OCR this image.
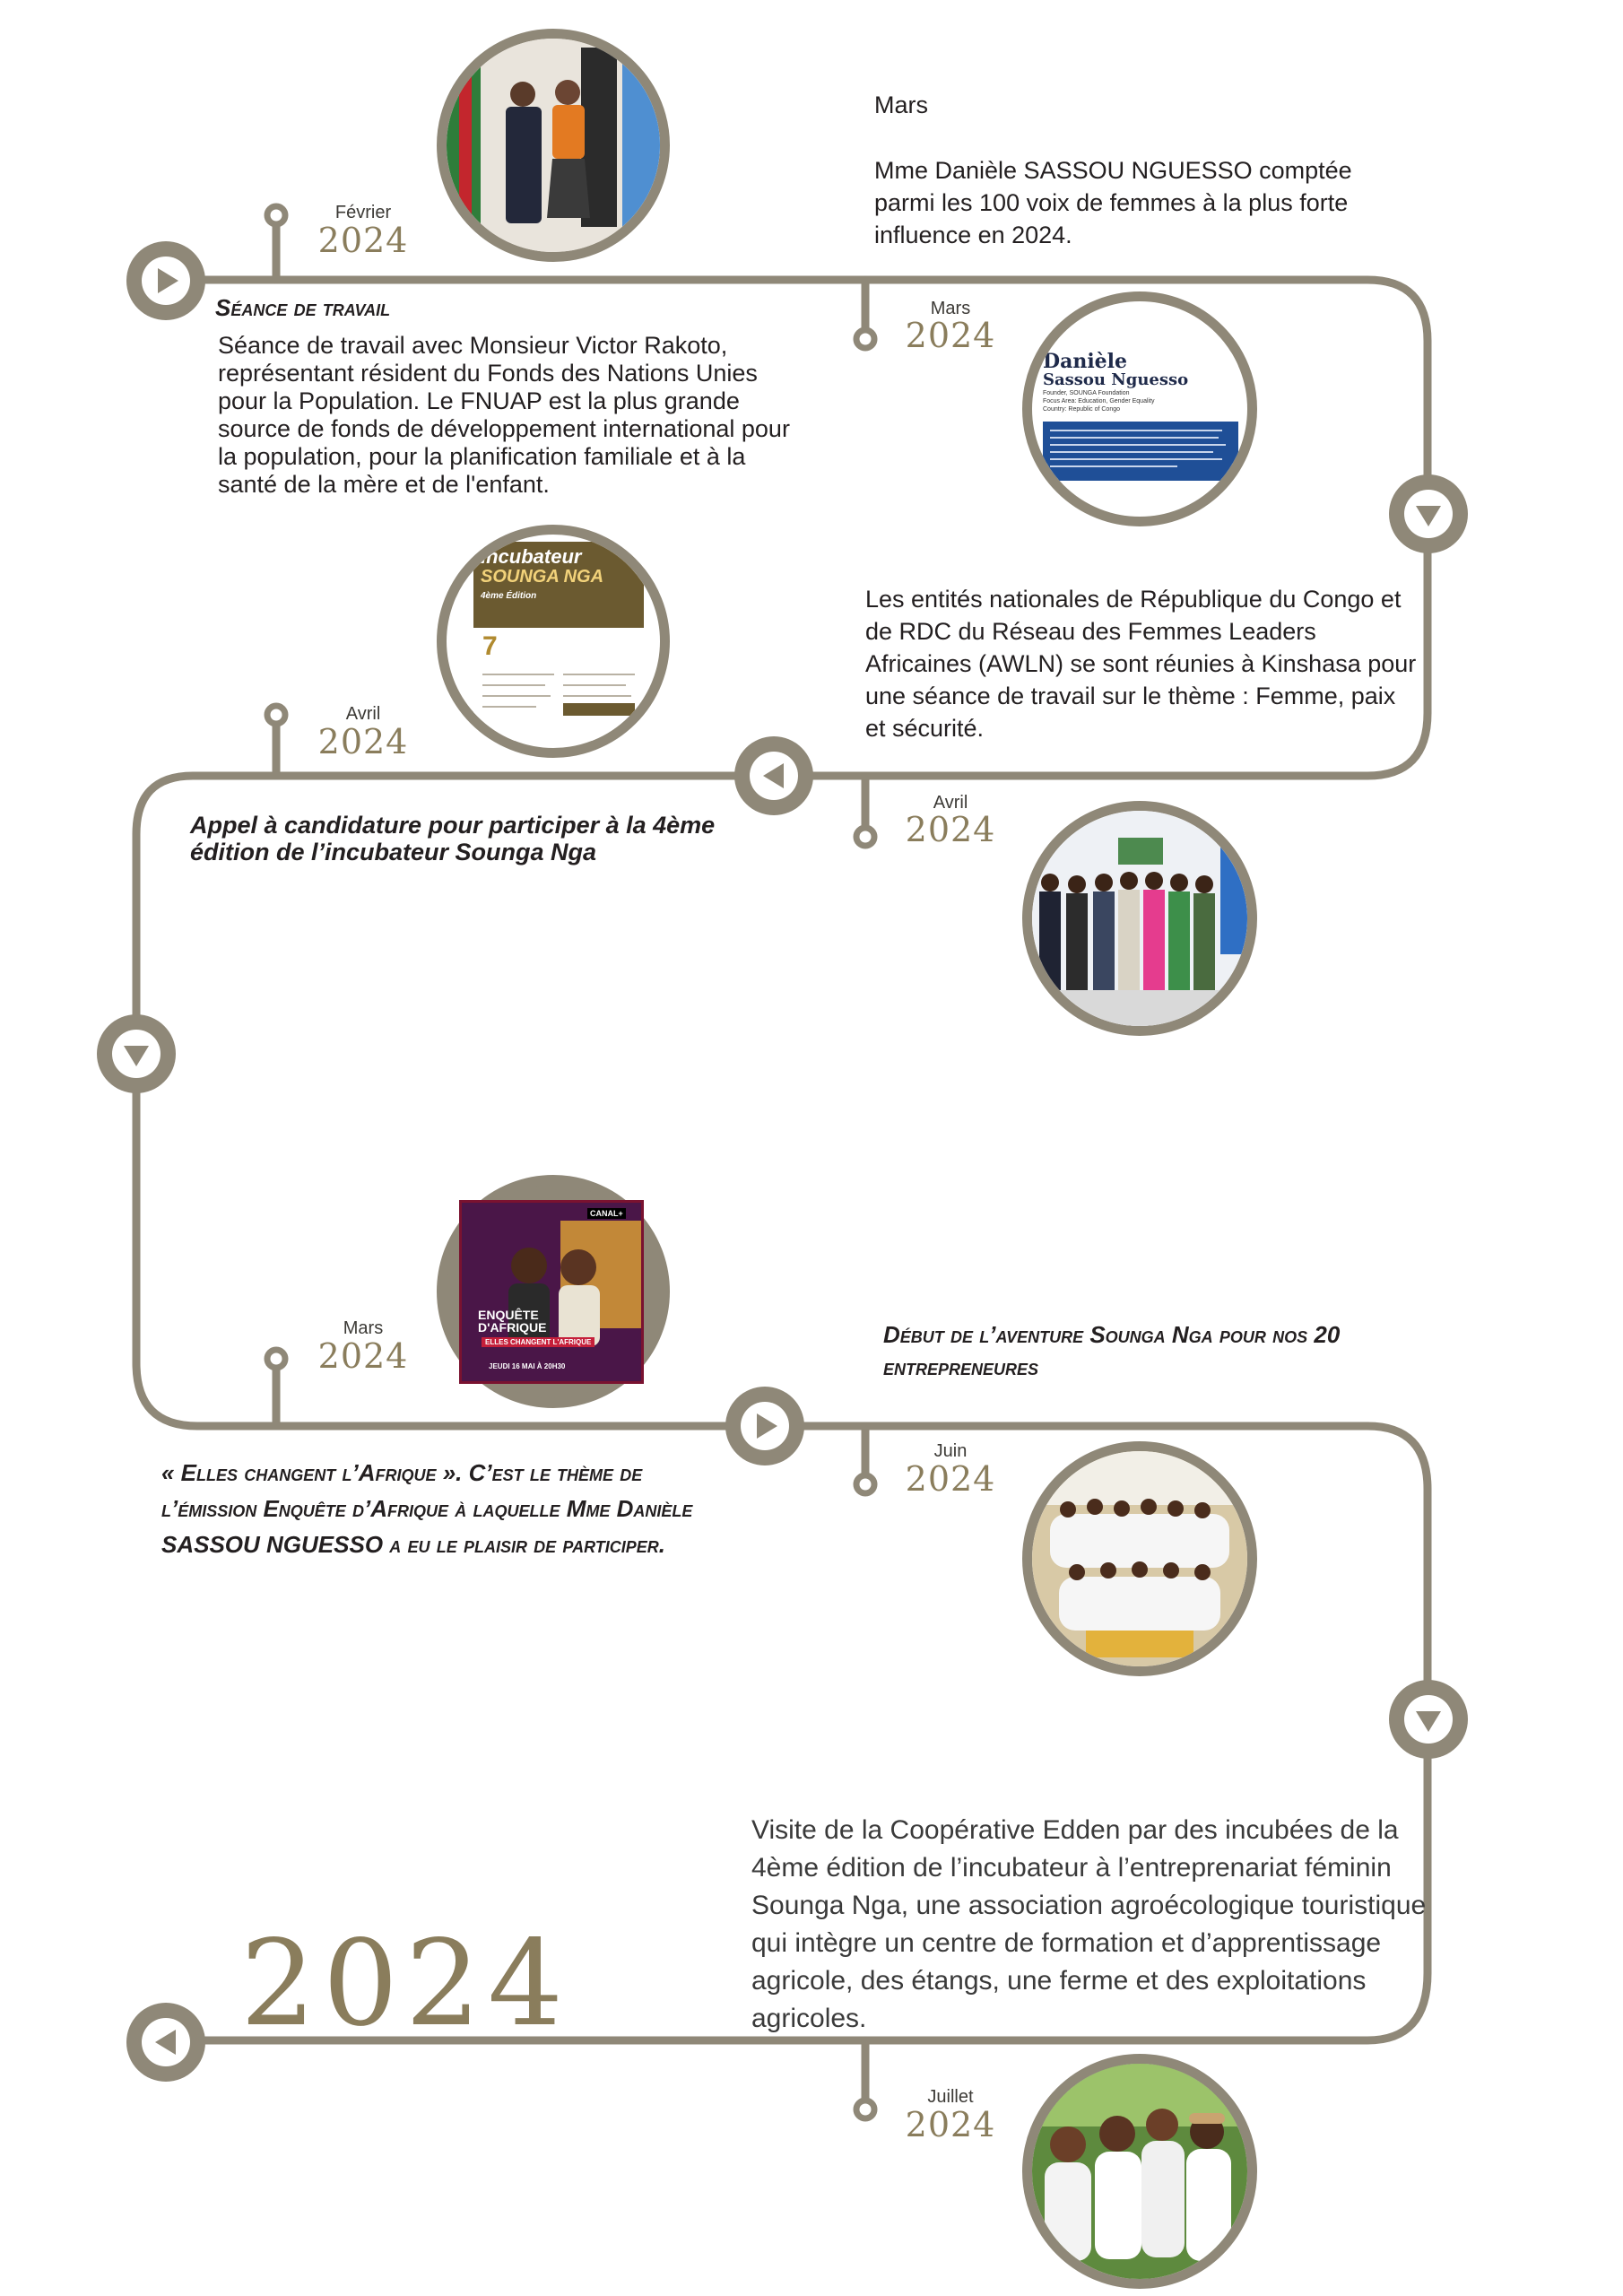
Février
2024
Séance de travail
Séance de travail avec Monsieur Victor Rakoto, représentant résident du Fonds des Nations Unies pour la Population. Le FNUAP est la plus grande source de fonds de développement international pour la population, pour la planification familiale et à la santé de la mère et de l'enfant.
Mars
Mme Danièle SASSOU NGUESSO comptée parmi les 100 voix de femmes à la plus forte influence en 2024.
Mars
2024
Danièle
Sassou Nguesso
Founder, SOUNGA Foundation
Focus Area: Education, Gender Equality
Country: Republic of Congo
Avril
2024
Incubateur
SOUNGA NGA
4ème Édition
7
Appel à candidature pour participer à la 4ème édition de l’incubateur Sounga Nga
Les entités nationales de République du Congo et de RDC du Réseau des Femmes Leaders Africaines (AWLN) se sont réunies à Kinshasa pour une séance de travail sur le thème : Femme, paix et sécurité.
Avril
2024
Mars
2024
CANAL+
ENQUÊTE
D'AFRIQUE
ELLES CHANGENT L'AFRIQUE
JEUDI 16 MAI À 20H30
« Elles changent l’Afrique ». C’est le thème de l’émission Enquête d’Afrique à laquelle Mme Danièle SASSOU NGUESSO a eu le plaisir de participer.
Début de l’aventure Sounga Nga pour nos 20 entrepreneures
Juin
2024
2024
Visite de la Coopérative Edden par des incubées de la 4ème édition de l’incubateur à l’entreprenariat féminin Sounga Nga, une association agroécologique touristique qui intègre un centre de formation et d’apprentissage agricole, des étangs, une ferme et des exploitations agricoles.
Juillet
2024
